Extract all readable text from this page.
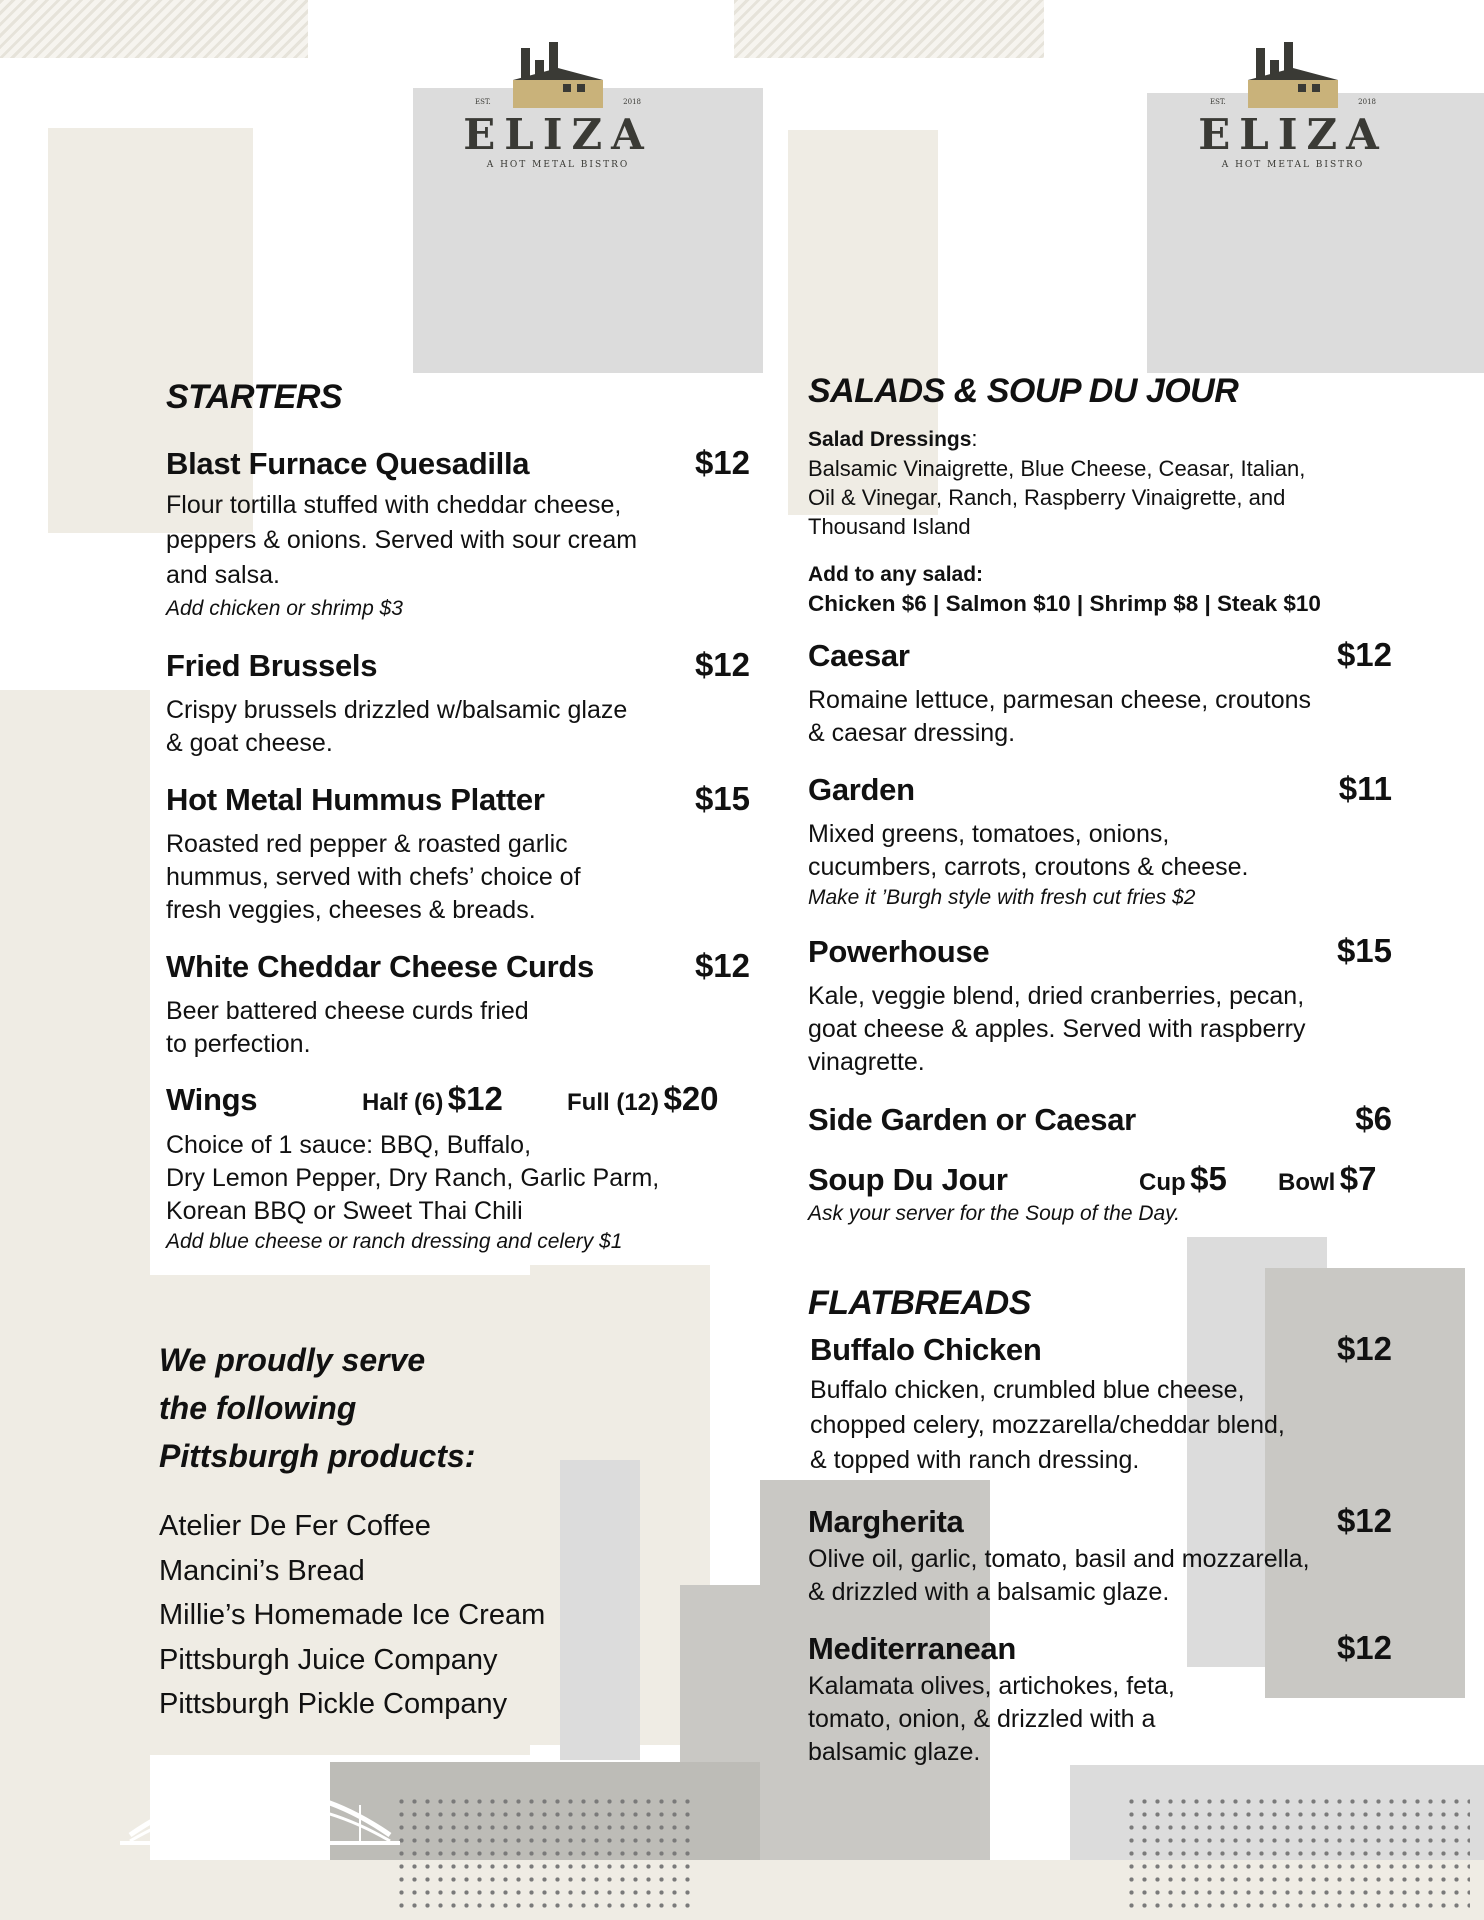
EST.	2018
ELIZA
A HOT METAL BISTRO
EST.	2018
ELIZA
A HOT METAL BISTRO
STARTERS
Blast Furnace Quesadilla	$12
Flour tortilla stuffed with cheddar cheese,
peppers & onions. Served with sour cream
and salsa.
Add chicken or shrimp $3
Fried Brussels	$12
Crispy brussels drizzled w/balsamic glaze
& goat cheese.
Hot Metal Hummus Platter	$15
Roasted red pepper & roasted garlic
hummus, served with chefs’ choice of
fresh veggies, cheeses & breads.
White Cheddar Cheese Curds	$12
Beer battered cheese curds fried
to perfection.
Wings	Half (6) $12	Full (12) $20
Choice of 1 sauce: BBQ, Buffalo,
Dry Lemon Pepper, Dry Ranch, Garlic Parm,
Korean BBQ or Sweet Thai Chili
Add blue cheese or ranch dressing and celery $1
We proudly serve
the following
Pittsburgh products:
Atelier De Fer Coffee
Mancini’s Bread
Millie’s Homemade Ice Cream
Pittsburgh Juice Company
Pittsburgh Pickle Company
SALADS & SOUP DU JOUR
Salad Dressings:
Balsamic Vinaigrette, Blue Cheese, Ceasar, Italian,
Oil & Vinegar, Ranch, Raspberry Vinaigrette, and
Thousand Island
Add to any salad:
Chicken $6 | Salmon $10 | Shrimp $8 | Steak $10
Caesar	$12
Romaine lettuce, parmesan cheese, croutons
& caesar dressing.
Garden	$11
Mixed greens, tomatoes, onions,
cucumbers, carrots, croutons & cheese.
Make it ’Burgh style with fresh cut fries $2
Powerhouse	$15
Kale, veggie blend, dried cranberries, pecan,
goat cheese & apples. Served with raspberry
vinagrette.
Side Garden or Caesar	$6
Soup Du Jour	Cup $5 Bowl $7
Ask your server for the Soup of the Day.
FLATBREADS
Buffalo Chicken	$12
Buffalo chicken, crumbled blue cheese,
chopped celery, mozzarella/cheddar blend,
& topped with ranch dressing.
Margherita	$12
Olive oil, garlic, tomato, basil and mozzarella,
& drizzled with a balsamic glaze.
Mediterranean	$12
Kalamata olives, artichokes, feta,
tomato, onion, & drizzled with a
balsamic glaze.
